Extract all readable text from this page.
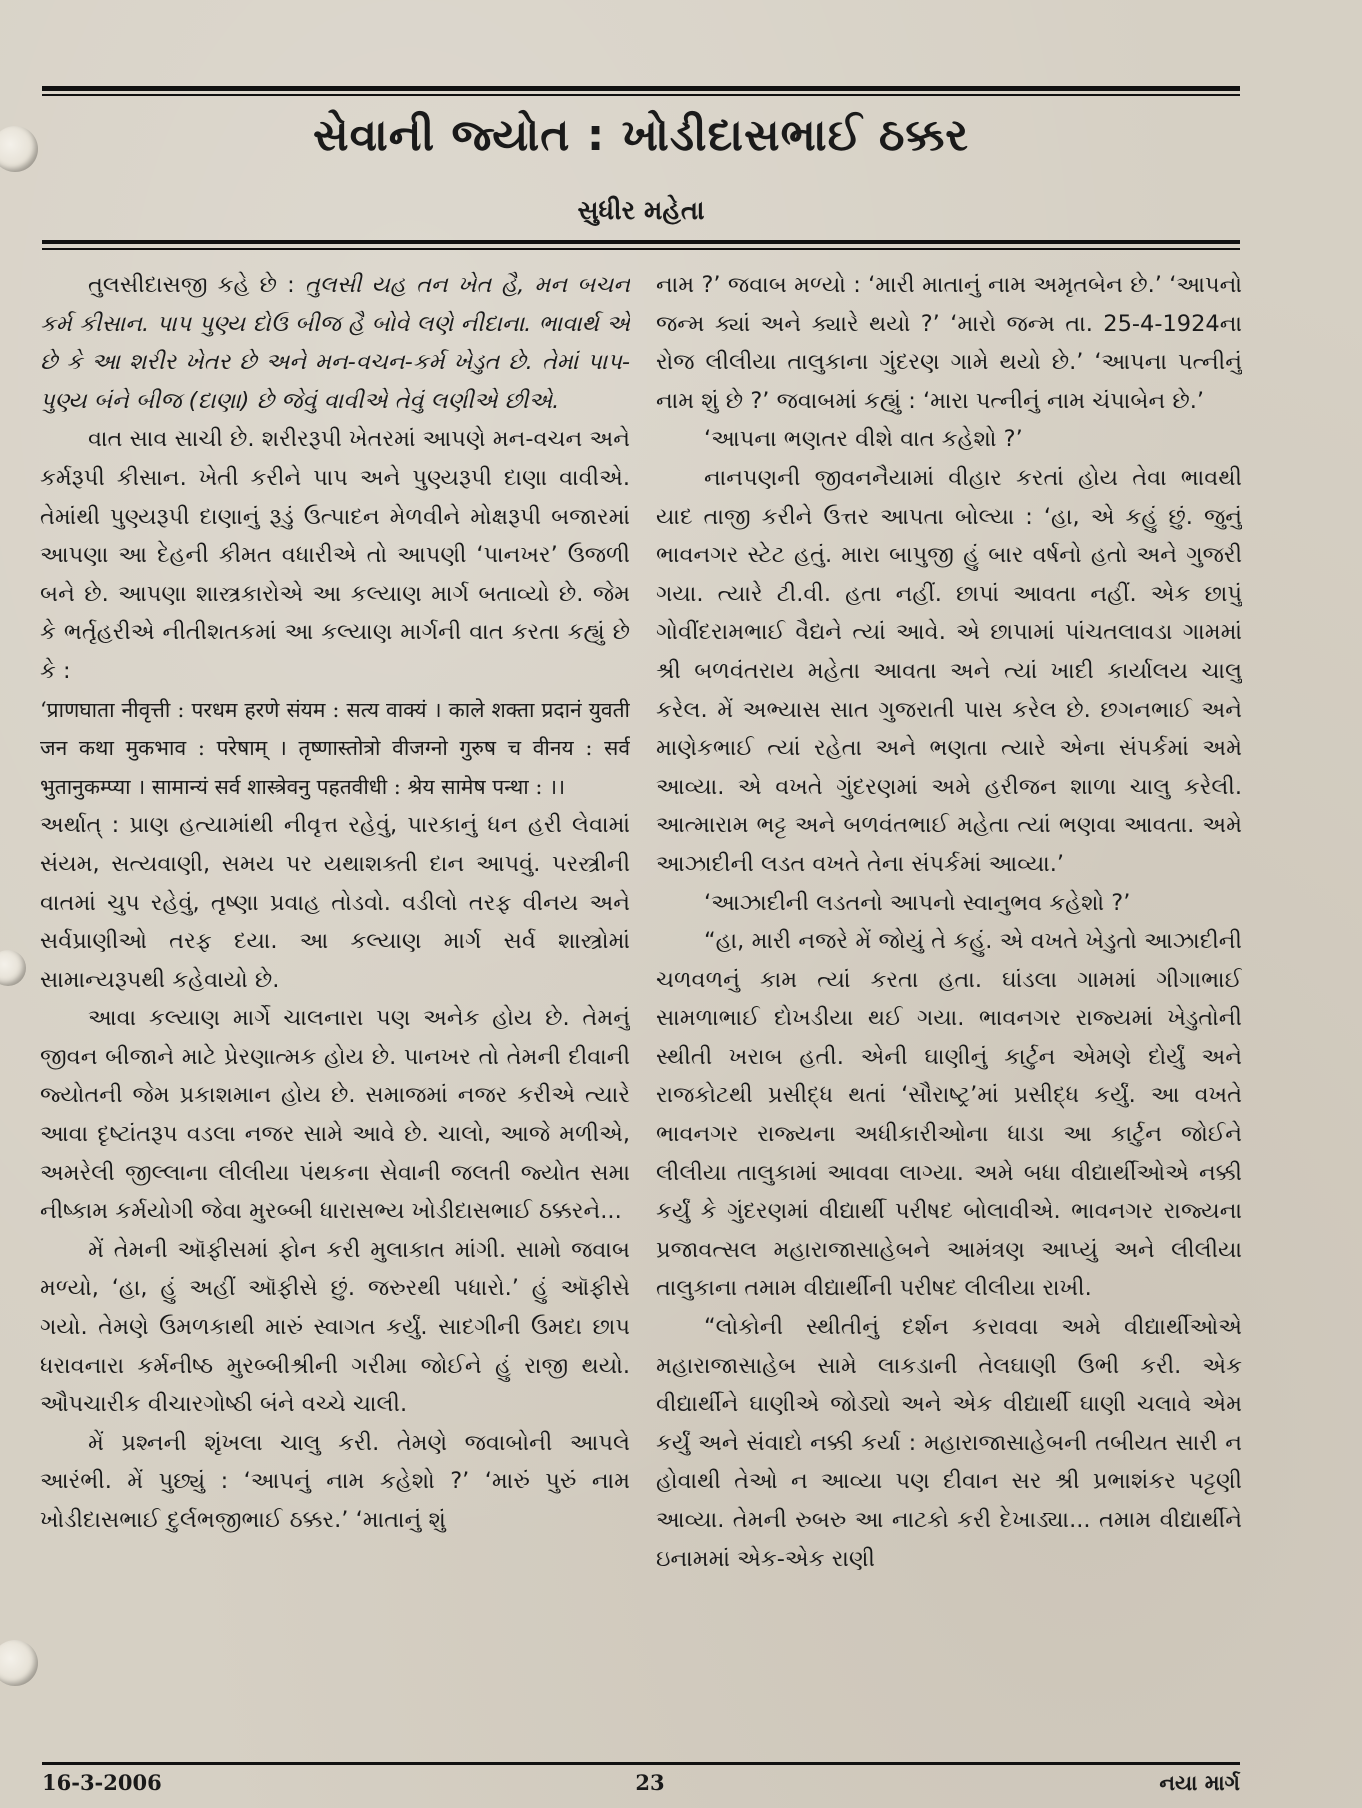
સેવાની જ્યોત : ખોડીદાસભાઈ ઠક્કર
સુધીર મહેતા

તુલસીદાસજી કહે છે : તુલસી યહ તન ખેત હૈ, મન બચન કર્મ કીસાન. પાપ પુણ્ય દોઉ બીજ હૈ બોવે લણે નીદાના. ભાવાર્થ એ છે કે આ શરીર ખેતર છે અને મન-વચન-કર્મ ખેડુત છે. તેમાં પાપ-પુણ્ય બંને બીજ (દાણા) છે જેવું વાવીએ તેવું લણીએ છીએ.

વાત સાવ સાચી છે. શરીરરૂપી ખેતરમાં આપણે મન-વચન અને કર્મરૂપી કીસાન. ખેતી કરીને પાપ અને પુણ્યરૂપી દાણા વાવીએ. તેમાંથી પુણ્યરૂપી દાણાનું રૂડું ઉત્પાદન મેળવીને મોક્ષરૂપી બજારમાં આપણા આ દેહની કીમત વધારીએ તો આપણી ‘પાનખર’ ઉજળી બને છે. આપણા શાસ્ત્રકારોએ આ કલ્યાણ માર્ગ બતાવ્યો છે. જેમ કે ભર્તૃહરીએ નીતીશતકમાં આ કલ્યાણ માર્ગની વાત કરતા કહ્યું છે કે :

‘प्राणघाता नीवृत्ती : परधम हरणे संयम : सत्य वाक्यं । काले शक्ता प्रदानं युवती जन कथा मुकभाव : परेषाम् । तृष्णास्तोत्रो वीजग्नो गुरुष च वीनय : सर्व भुतानुकम्प्या । सामान्यं सर्व शास्त्रेवनु पहतवीधी : श्रेय सामेष पन्था : ।।

અર્થાત્ : પ્રાણ હત્યામાંથી નીવૃત્ત રહેવું, પારકાનું ધન હરી લેવામાં સંયમ, સત્યવાણી, સમય પર યથાશક્તી દાન આપવું. પરસ્ત્રીની વાતમાં ચુપ રહેવું, તૃષ્ણા પ્રવાહ તોડવો. વડીલો તરફ વીનય અને સર્વપ્રાણીઓ તરફ દયા. આ કલ્યાણ માર્ગ સર્વ શાસ્ત્રોમાં સામાન્યરૂપથી કહેવાયો છે.

આવા કલ્યાણ માર્ગે ચાલનારા પણ અનેક હોય છે. તેમનું જીવન બીજાને માટે પ્રેરણાત્મક હોય છે. પાનખર તો તેમની દીવાની જ્યોતની જેમ પ્રકાશમાન હોય છે. સમાજમાં નજર કરીએ ત્યારે આવા દૃષ્ટાંતરૂપ વડલા નજર સામે આવે છે. ચાલો, આજે મળીએ, અમરેલી જીલ્લાના લીલીયા પંથકના સેવાની જલતી જ્યોત સમા નીષ્કામ કર્મયોગી જેવા મુરબ્બી ધારાસભ્ય ખોડીદાસભાઈ ઠક્કરને...

મેં તેમની ઑફીસમાં ફોન કરી મુલાકાત માંગી. સામો જવાબ મળ્યો, ‘હા, હું અહીં ઑફીસે છું. જરુરથી પધારો.’ હું ઑફીસે ગયો. તેમણે ઉમળકાથી મારું સ્વાગત કર્યું. સાદગીની ઉમદા છાપ ધરાવનારા કર્મનીષ્ઠ મુરબ્બીશ્રીની ગરીમા જોઈને હું રાજી થયો. ઔપચારીક વીચારગોષ્ઠી બંને વચ્ચે ચાલી.

મેં પ્રશ્નની શૃંખલા ચાલુ કરી. તેમણે જવાબોની આપલે આરંભી. મેં પુછ્યું : ‘આપનું નામ કહેશો ?’ ‘મારું પુરું નામ ખોડીદાસભાઈ દુર્લભજીભાઈ ઠક્કર.’ ‘માતાનું શું

નામ ?’ જવાબ મળ્યો : ‘મારી માતાનું નામ અમૃતબેન છે.’ ‘આપનો જન્મ ક્યાં અને ક્યારે થયો ?’ ‘મારો જન્મ તા. 25-4-1924ના રોજ લીલીયા તાલુકાના ગુંદરણ ગામે થયો છે.’ ‘આપના પત્નીનું નામ શું છે ?’ જવાબમાં કહ્યું : ‘મારા પત્નીનું નામ ચંપાબેન છે.’

‘આપના ભણતર વીશે વાત કહેશો ?’

નાનપણની જીવનનૈયામાં વીહાર કરતાં હોય તેવા ભાવથી યાદ તાજી કરીને ઉત્તર આપતા બોલ્યા : ‘હા, એ કહું છું. જુનું ભાવનગર સ્ટેટ હતું. મારા બાપુજી હું બાર વર્ષનો હતો અને ગુજરી ગયા. ત્યારે ટી.વી. હતા નહીં. છાપાં આવતા નહીં. એક છાપું ગોવીંદરામભાઈ વૈદ્યને ત્યાં આવે. એ છાપામાં પાંચતલાવડા ગામમાં શ્રી બળવંતરાય મહેતા આવતા અને ત્યાં ખાદી કાર્યાલય ચાલુ કરેલ. મેં અભ્યાસ સાત ગુજરાતી પાસ કરેલ છે. છગનભાઈ અને માણેકભાઈ ત્યાં રહેતા અને ભણતા ત્યારે એના સંપર્કમાં અમે આવ્યા. એ વખતે ગુંદરણમાં અમે હરીજન શાળા ચાલુ કરેલી. આત્મારામ ભટ્ટ અને બળવંતભાઈ મહેતા ત્યાં ભણવા આવતા. અમે આઝાદીની લડત વખતે તેના સંપર્કમાં આવ્યા.’

‘આઝાદીની લડતનો આપનો સ્વાનુભવ કહેશો ?’

“હા, મારી નજરે મેં જોયું તે કહું. એ વખતે ખેડુતો આઝાદીની ચળવળનું કામ ત્યાં કરતા હતા. ઘાંડલા ગામમાં ગીગાભાઈ સામળાભાઈ દોખડીયા થઈ ગયા. ભાવનગર રાજ્યમાં ખેડુતોની સ્થીતી ખરાબ હતી. એની ઘાણીનું કાર્ટુન એમણે દોર્યું અને રાજકોટથી પ્રસીદ્ધ થતાં ‘સૌરાષ્ટ્ર’માં પ્રસીદ્ધ કર્યું. આ વખતે ભાવનગર રાજ્યના અધીકારીઓના ધાડા આ કાર્ટુન જોઈને લીલીયા તાલુકામાં આવવા લાગ્યા. અમે બધા વીદ્યાર્થીઓએ નક્કી કર્યું કે ગુંદરણમાં વીદ્યાર્થી પરીષદ બોલાવીએ. ભાવનગર રાજ્યના પ્રજાવત્સલ મહારાજાસાહેબને આમંત્રણ આપ્યું અને લીલીયા તાલુકાના તમામ વીદ્યાર્થીની પરીષદ લીલીયા રાખી.

“લોકોની સ્થીતીનું દર્શન કરાવવા અમે વીદ્યાર્થીઓએ મહારાજાસાહેબ સામે લાકડાની તેલઘાણી ઉભી કરી. એક વીદ્યાર્થીને ઘાણીએ જોડ્યો અને એક વીદ્યાર્થી ઘાણી ચલાવે એમ કર્યું અને સંવાદો નક્કી કર્યા : મહારાજાસાહેબની તબીયત સારી ન હોવાથી તેઓ ન આવ્યા પણ દીવાન સર શ્રી પ્રભાશંકર પટ્ટણી આવ્યા. તેમની રુબરુ આ નાટકો કરી દેખાડ્યા... તમામ વીદ્યાર્થીને ઇનામમાં એક-એક રાણી

16-3-2006	23	નયા માર્ગ
